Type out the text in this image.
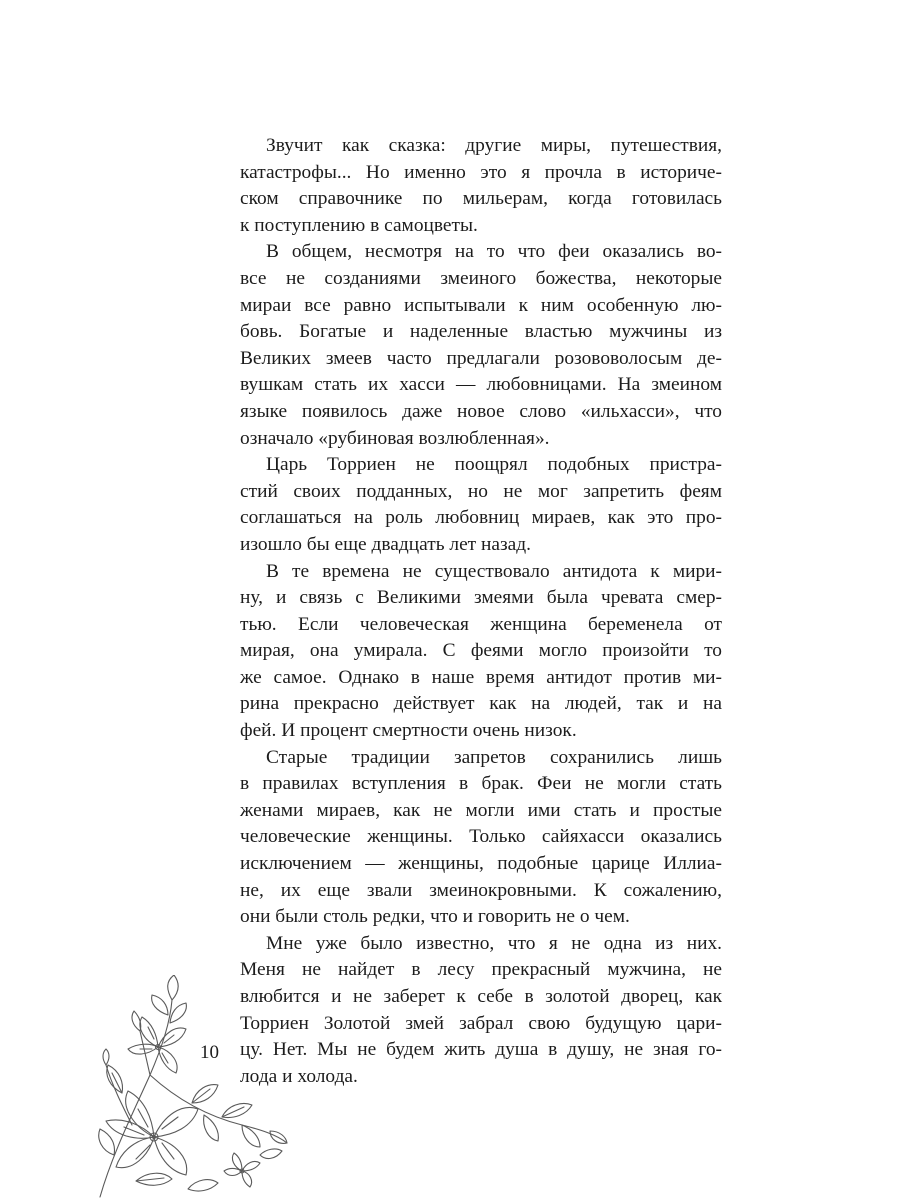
Звучит как сказка: другие миры, путешествия,
катастрофы... Но именно это я прочла в историче-
ском справочнике по мильерам, когда готовилась
к поступлению в самоцветы.
В общем, несмотря на то что феи оказались во-
все не созданиями змеиного божества, некоторые
мираи все равно испытывали к ним особенную лю-
бовь. Богатые и наделенные властью мужчины из
Великих змеев часто предлагали розововолосым де-
вушкам стать их хасси — любовницами. На змеином
языке появилось даже новое слово «ильхасси», что
означало «рубиновая возлюбленная».
Царь Торриен не поощрял подобных пристра-
стий своих подданных, но не мог запретить феям
соглашаться на роль любовниц мираев, как это про-
изошло бы еще двадцать лет назад.
В те времена не существовало антидота к мири-
ну, и связь с Великими змеями была чревата смер-
тью. Если человеческая женщина беременела от
мирая, она умирала. С феями могло произойти то
же самое. Однако в наше время антидот против ми-
рина прекрасно действует как на людей, так и на
фей. И процент смертности очень низок.
Старые традиции запретов сохранились лишь
в правилах вступления в брак. Феи не могли стать
женами мираев, как не могли ими стать и простые
человеческие женщины. Только сайяхасси оказались
исключением — женщины, подобные царице Иллиа-
не, их еще звали змеинокровными. К сожалению,
они были столь редки, что и говорить не о чем.
Мне уже было известно, что я не одна из них.
Меня не найдет в лесу прекрасный мужчина, не
влюбится и не заберет к себе в золотой дворец, как
Торриен Золотой змей забрал свою будущую цари-
цу. Нет. Мы не будем жить душа в душу, не зная го-
лода и холода.
10
